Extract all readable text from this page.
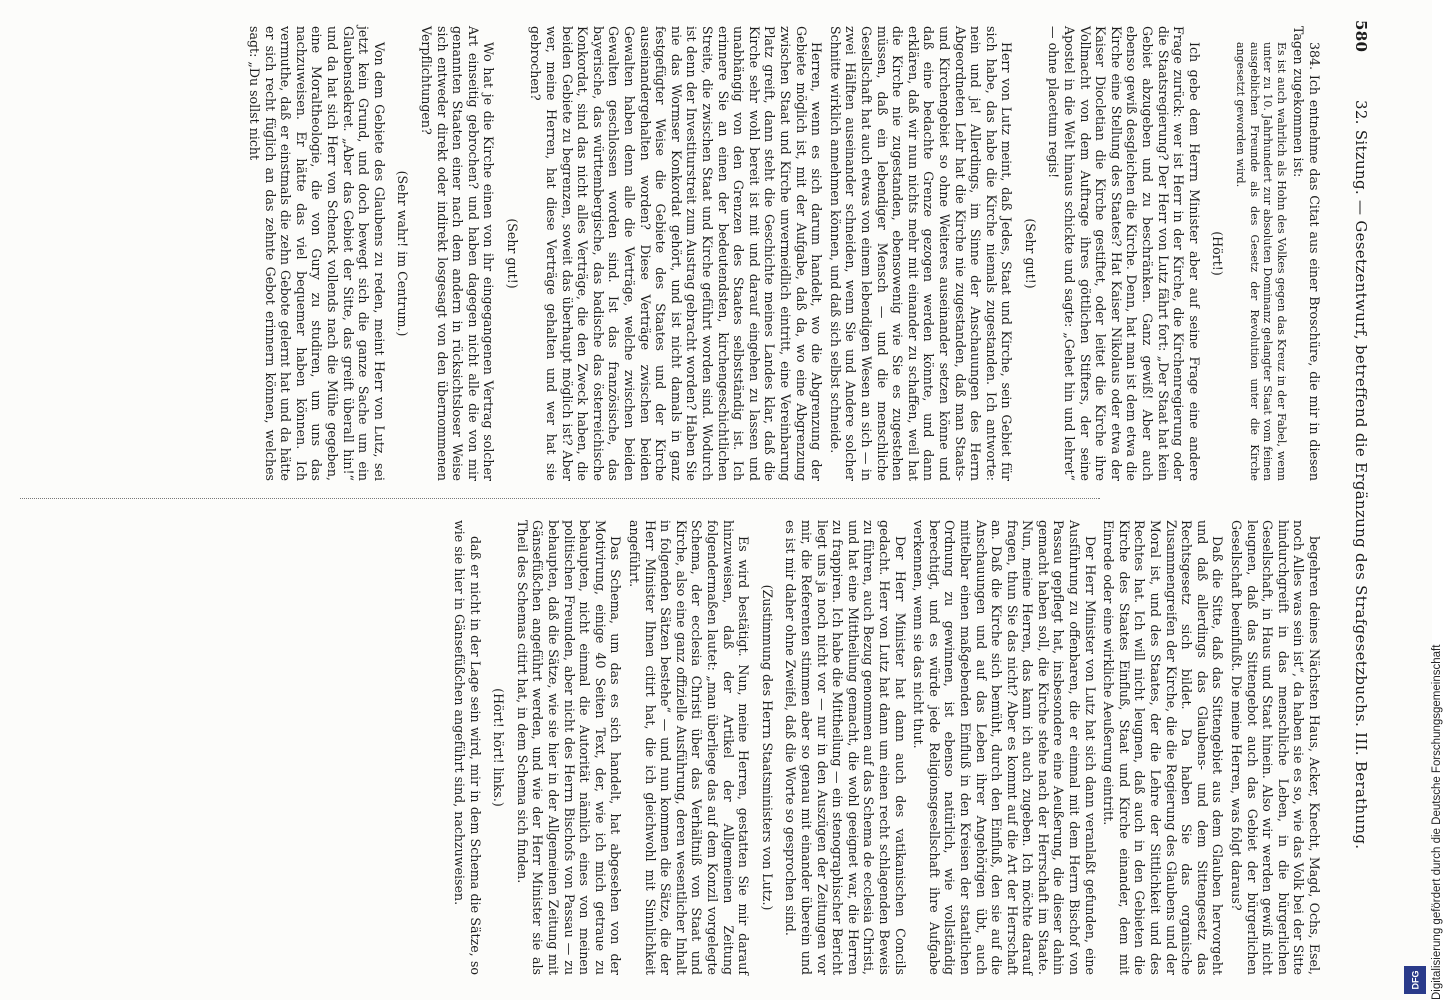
580
32. Sitzung. — Gesetzentwurf, betreffend die Ergänzung des Strafgesetzbuchs. III. Berathung.

384. Ich entnehme das Citat aus einer Broschüre, die mir in diesen Tagen zugekommen ist:

Es ist auch wahrlich als Hohn des Volkes gegen das Kreuz in der Fabel, wenn unter zu 10. Jahrhundert zur absoluten Dominanz gelangter Staat vom feinen ausgeblichen Freunde als des Gesetz der Revolution unter die Kirche angesetzt geworden wird.

(Hört!)

Ich gebe dem Herrn Minister aber auf seine Frage eine andere Frage zurück: wer ist Herr in der Kirche, die Kirchenregierung oder die Staatsregierung? Der Herr von Lutz fährt fort: „Der Staat hat kein Gebiet abzugeben und zu beschränken. Ganz gewiß! Aber auch ebenso gewiß desgleichen die Kirche. Denn, hat man ist dem etwa die Kirche eine Stellung des Staates? Hat Kaiser Nikolaus oder etwa der Kaiser Diocletian die Kirche gestiftet, oder leitet die Kirche ihre Vollmacht von dem Auftrage ihres göttlichen Stifters, der seine Apostel in die Welt hinaus schickte und sagte: „Gehet hin und lehret“ — ohne placetum regis!

(Sehr gut!)

Herr von Lutz meint, daß Jedes, Staat und Kirche, sein Gebiet für sich habe, das habe die Kirche niemals zugestanden. Ich antworte: nein und ja! Allerdings, im Sinne der Anschauungen des Herrn Abgeordneten Lehr hat die Kirche nie zugestanden, daß man Staats- und Kirchengebiet so ohne Weiteres auseinander setzen könne und daß eine bedachte Grenze gezogen werden könnte, und dann erklären, daß wir nun nichts mehr mit einander zu schaffen, weil hat die Kirche nie zugestanden, ebensowenig wie Sie es zugestehen müssen, daß ein lebendiger Mensch — und die menschliche Gesellschaft hat auch etwas von einem lebendigen Wesen an sich — in zwei Hälften auseinander schneiden, wenn Sie und Andere solcher Schnitte wirklich annehmen können, und daß sich selbst schneide.

Herren, wenn es sich darum handelt, wo die Abgrenzung der Gebiete möglich ist, mit der Aufgabe, daß da, wo eine Abgrenzung zwischen Staat und Kirche unvermeidlich eintritt, eine Vereinbarung Platz greift, dann steht die Geschichte meines Landes klar, daß die Kirche sehr wohl bereit ist mit und darauf eingehen zu lassen und unabhängig von den Grenzen des Staates selbstständig ist. Ich erinnere Sie an einen der bedeutendsten, kirchengeschichtlichen Streite, die zwischen Staat und Kirche geführt worden sind. Wodurch ist denn der Investiturstreit zum Austrag gebracht worden? Haben Sie nie das Wormser Konkordat gehört, und ist nicht damals in ganz festgefügter Weise die Gebiete des Staates und der Kirche auseinandergehalten worden? Diese Verträge zwischen beiden Gewalten haben denn alle die Verträge, welche zwischen beiden Gewalten geschlossen worden sind. Ist das französische, das bayerische, das württembergische, das badische das österreichische Konkordat, sind das nicht alles Verträge, die den Zweck haben, die beiden Gebiete zu begrenzen, soweit das überhaupt möglich ist? Aber wer, meine Herren, hat diese Verträge gehalten und wer hat sie gebrochen?

(Sehr gut!)

Wo hat je die Kirche einen von ihr eingegangenen Vertrag solcher Art einseitig gebrochen? und haben dagegen nicht alle die von mir genannten Staaten einer nach dem andern in rücksichtsloser Weise sich entweder direkt oder indirekt losgesagt von den übernommenen Verpflichtungen?

(Sehr wahr! im Centrum.)

Von dem Gebiete des Glaubens zu reden, meint Herr von Lutz, sei jetzt kein Grund, und doch bewegt sich die ganze Sache um ein Glaubensdekret. „Aber das Gebiet der Sitte, das greift überall hin!“ und da hat sich Herr von Schenck vollends nach die Mühe gegeben, eine Moraltheologie, die von Gury zu studiren, um uns das nachzuweisen. Er hätte das viel bequemer haben können. Ich vermuthe, daß er einstmals die zehn Gebote gelernt hat und da hätte er sich recht füglich an das zehnte Gebot erinnern können, welches sagt: „Du sollst nicht

begehren deines Nächsten Haus, Acker, Knecht, Magd, Ochs, Esel, noch Alles was sein ist“, da haben sie es so, wie das Volk bei der Sitte hindurchgreift in das menschliche Leben, in die bürgerlichen Gesellschaft, in Haus und Staat hinein. Also wir werden gewiß nicht leugnen, daß das Sittengebot auch das Gebiet der bürgerlichen Gesellschaft beeinflußt. Die meine Herren, was folgt daraus?

Daß die Sitte, daß das Sittengebiet aus dem Glauben hervorgeht und daß allerdings das Glaubens- und dem Sittengesetz das Rechtsgesetz sich bildet. Da haben Sie das organische Zusammengreifen der Kirche, die die Regierung des Glaubens und der Moral ist, und des Staates, der die Lehre der Sittlichkeit und des Rechtes hat. Ich will nicht leugnen, daß auch in den Gebieten die Kirche des Staates Einfluß, Staat und Kirche einander, dem mit Einrede oder eine wirkliche Aeußerung eintritt.

Der Herr Minister von Lutz hat sich dann veranlaßt gefunden, eine Ausführung zu offenbaren, die er einmal mit dem Herrn Bischof von Passau gepflegt hat, insbesondere eine Aeußerung, die dieser dahin gemacht haben soll, die Kirche stehe nach der Herrschaft im Staate. Nun, meine Herren, das kann ich auch zugeben. Ich möchte darauf fragen, thun Sie das nicht? Aber es kommt auf die Art der Herrschaft an. Daß die Kirche sich bemüht, durch den Einfluß, den sie auf die Anschauungen und auf das Leben ihrer Angehörigen übt, auch mittelbar einen maßgebenden Einfluß in den Kreisen der staatlichen Ordnung zu gewinnen, ist ebenso natürlich, wie vollständig berechtigt, und es würde jede Religionsgesellschaft ihre Aufgabe verkennen, wenn sie das nicht thut.

Der Herr Minister hat dann auch des vatikanischen Concils gedacht. Herr von Lutz hat dann um einen recht schlagenden Beweis zu führen, auch Bezug genommen auf das Schema de ecclesia Christi, und hat eine Mittheilung gemacht, die wohl geeignet war, die Herren zu frappiren. Ich habe die Mittheilung — ein stenographischer Bericht liegt uns ja noch nicht vor — nur in den Auszügen der Zeitungen vor mir, die Referenten stimmen aber so genau mit einander überein und es ist mir daher ohne Zweifel, daß die Worte so gesprochen sind.

(Zustimmung des Herrn Staatsministers von Lutz.)

Es wird bestätigt. Nun, meine Herren, gestatten Sie mir darauf hinzuweisen, daß der Artikel der Allgemeinen Zeitung folgendermaßen lautet: „man überliege das auf dem Konzil vorgelegte Schema, der ecclesia Christi über das Verhältniß von Staat und Kirche, also eine ganz offizielle Ausführung, deren wesentlicher Inhalt in folgenden Sätzen bestehe“ — und nun kommen die Sätze, die der Herr Minister Ihnen citirt hat, die ich gleichwohl mit Sinnlichkeit angeführt.

Das Schema, um das es sich handelt, hat abgesehen von der Motivirung, einige 40 Seiten Text, der, wie ich mich getraue zu behaupten, nicht einmal die Autorität nämlich eines von meinen politischen Freunden, aber nicht des Herrn Bischofs von Passau — zu behaupten, daß die Sätze, wie sie hier in der Allgemeinen Zeitung mit Gänsefüßchen angeführt werden, und wie der Herr Minister sie als Theil des Schemas citirt hat, in dem Schema sich finden.

(Hört! hört! links.)

daß er nicht in der Lage sein wird, mir in dem Schema die Sätze, so wie sie hier in Gänsefüßchen angeführt sind, nachzuweisen.	Digitalisierung gefördert durch die Deutsche Forschungsgemeinschaft
DFG
